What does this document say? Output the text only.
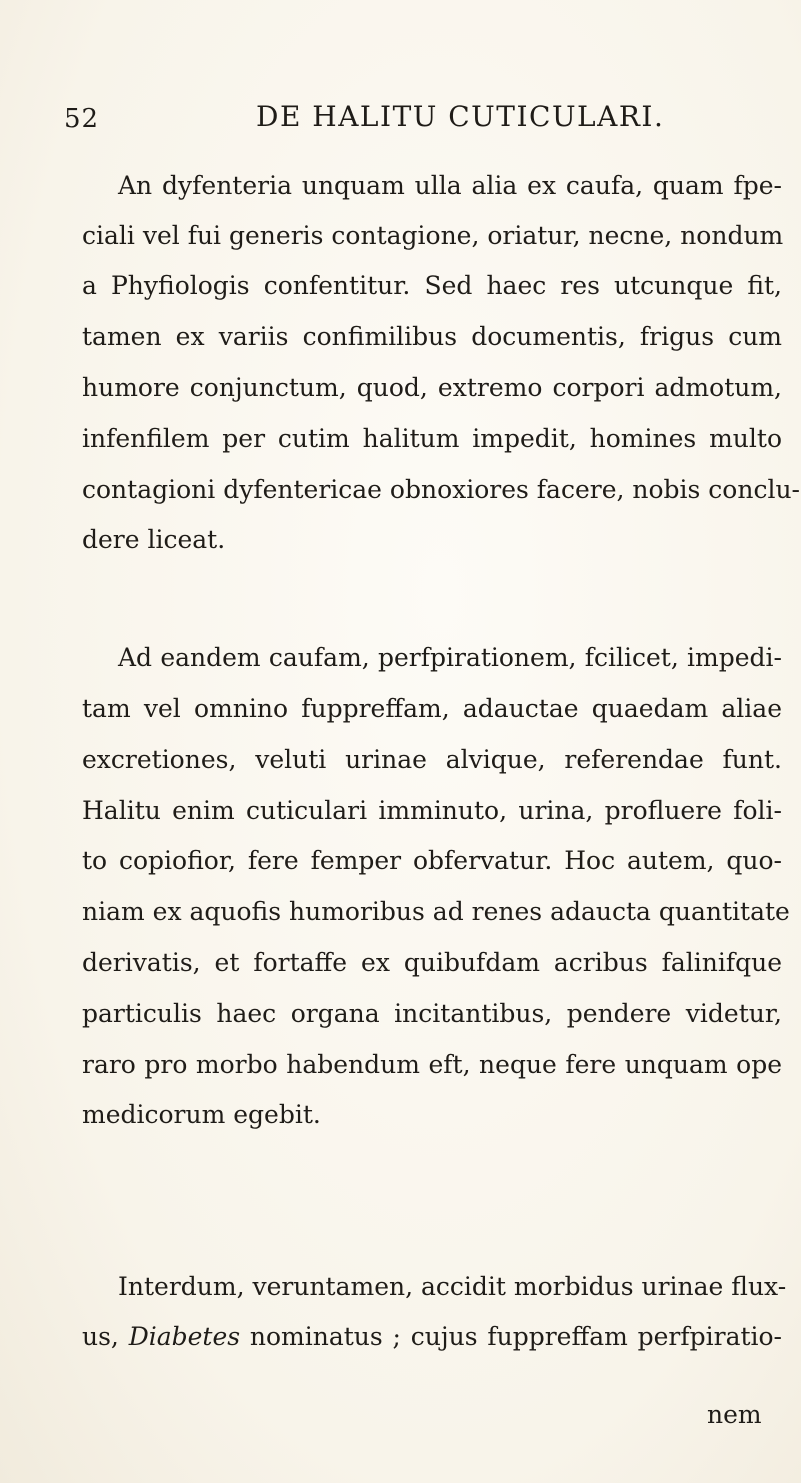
52	DE HALITU CUTICULARI.
An dyfenteria unquam ulla alia ex caufa, quam fpe-
ciali vel fui generis contagione, oriatur, necne, nondum
a Phyfiologis confentitur. Sed haec res utcunque fit,
tamen ex variis confimilibus documentis, frigus cum
humore conjunctum, quod, extremo corpori admotum,
infenfilem per cutim halitum impedit, homines multo
contagioni dyfentericae obnoxiores facere, nobis conclu-
dere liceat.
Ad eandem caufam, perfpirationem, fcilicet, impedi-
tam vel omnino fuppreffam, adauctae quaedam aliae
excretiones, veluti urinae alvique, referendae funt.
Halitu enim cuticulari imminuto, urina, profluere foli-
to copiofior, fere femper obfervatur. Hoc autem, quo-
niam ex aquofis humoribus ad renes adaucta quantitate
derivatis, et fortaffe ex quibufdam acribus falinifque
particulis haec organa incitantibus, pendere videtur,
raro pro morbo habendum eft, neque fere unquam ope
medicorum egebit.
Interdum, veruntamen, accidit morbidus urinae flux-
us, Diabetes nominatus ; cujus fuppreffam perfpiratio-
nem
